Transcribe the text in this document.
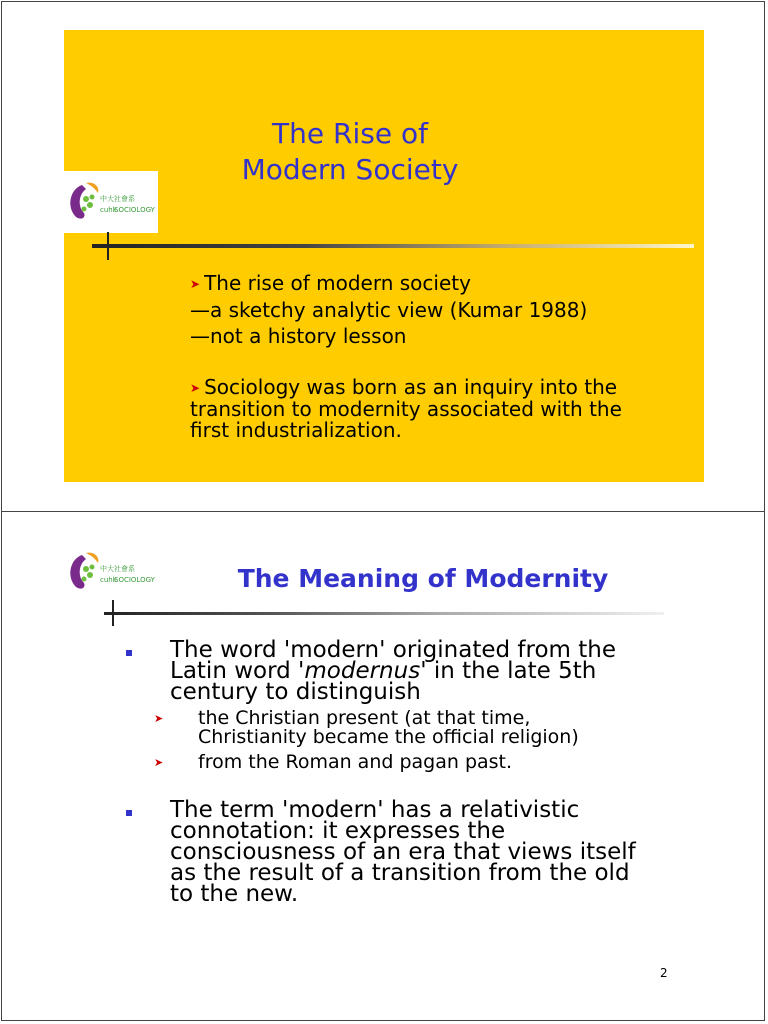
中大社會系
cuhk
SOCIOLOGY
The Rise of
Modern Society

➤ The rise of modern society

—a sketchy analytic view (Kumar 1988)

—not a history lesson

➤ Sociology was born as an inquiry into the

transition to modernity associated with the

first industrialization.

中大社會系
cuhk
SOCIOLOGY	The Meaning of Modernity
The word 'modern' originated from the
Latin word 'modernus' in the late 5th
century to distinguish
➤ the Christian present (at that time,
Christianity became the official religion)
➤ from the Roman and pagan past.
The term 'modern' has a relativistic
connotation: it expresses the
consciousness of an era that views itself
as the result of a transition from the old
to the new.
2
